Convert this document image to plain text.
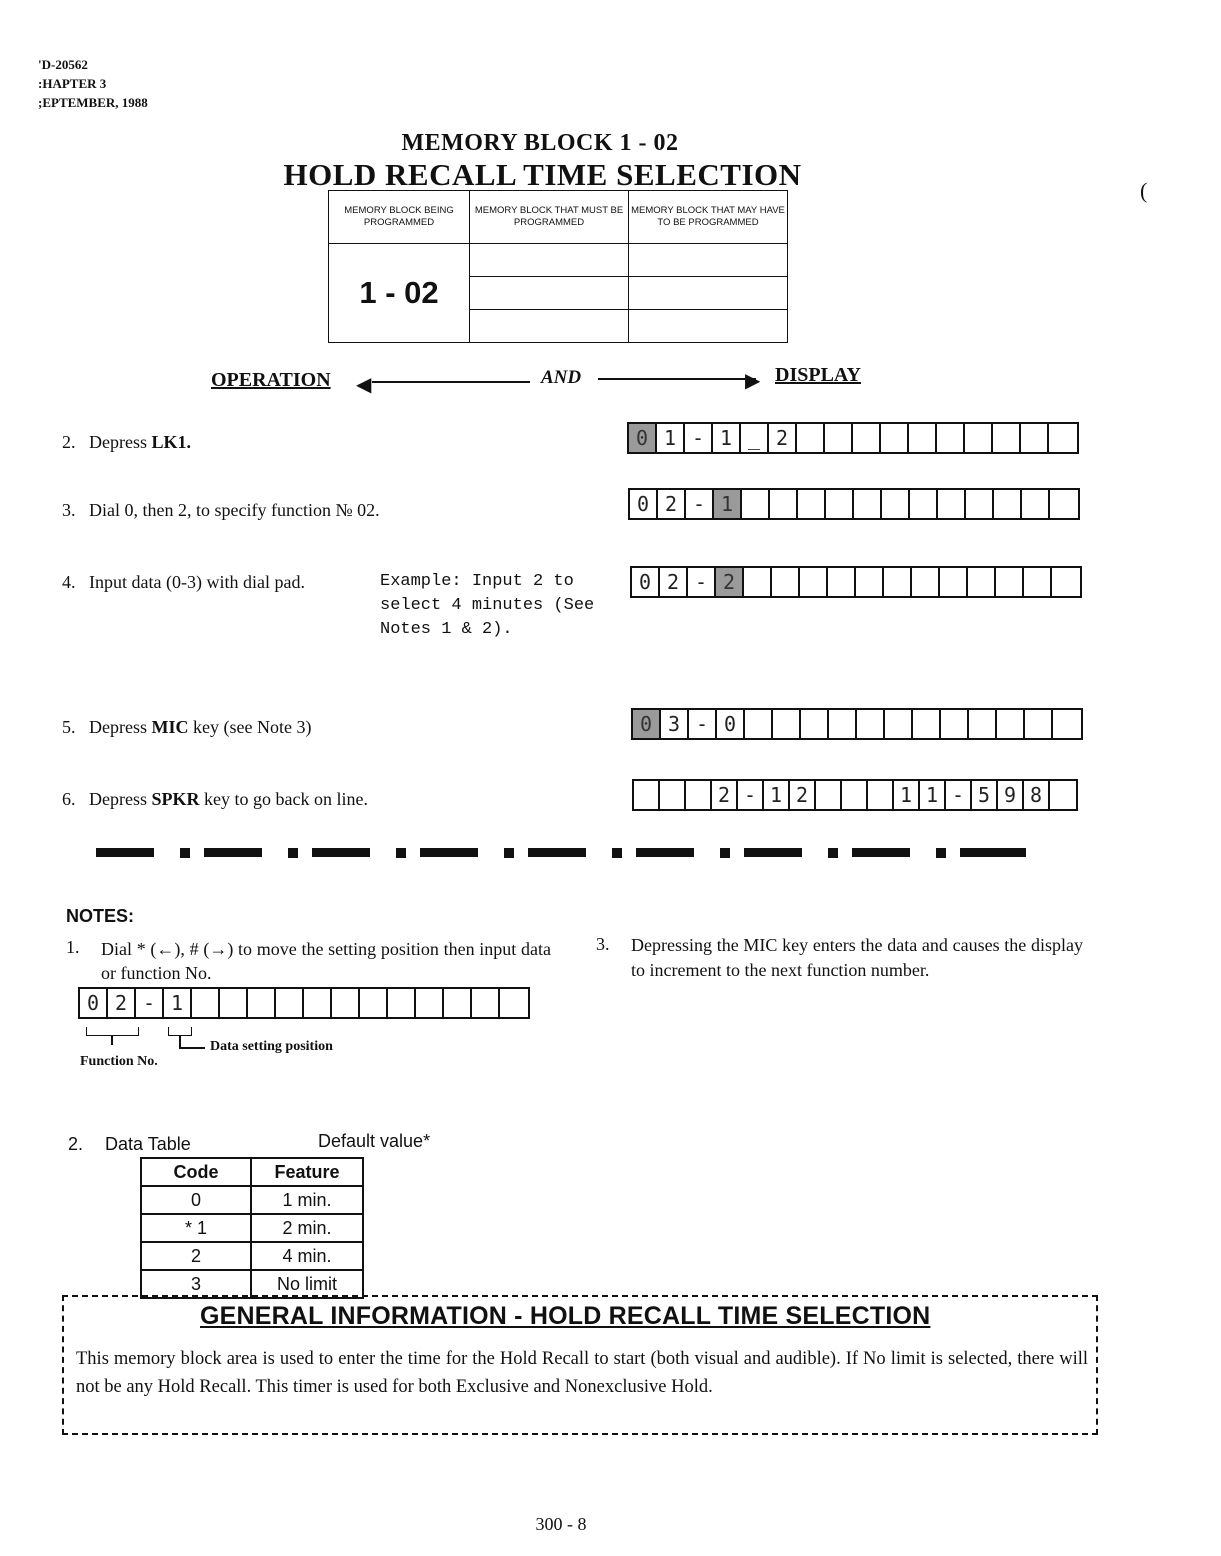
'D-20562
:HAPTER 3
;EPTEMBER, 1988
(
MEMORY BLOCK 1 - 02
HOLD RECALL TIME SELECTION
MEMORY BLOCK BEING PROGRAMMED	MEMORY BLOCK THAT MUST BE PROGRAMMED	MEMORY BLOCK THAT MAY HAVE TO BE PROGRAMMED
1 - 02		

OPERATION ◀	AND	▶ DISPLAY
2. Depress LK1.
3. Dial 0, then 2, to specify function № 02.
4. Input data (0-3) with dial pad.	Example: Input 2 to select 4 minutes (See Notes 1 & 2).
5. Depress MIC key (see Note 3)
6. Depress SPKR key to go back on line.
0 1 - 1 _ 2
0 2 - 1
0 2 - 2
0 3 - 0
2 - 1 2	1 1 - 5 9 8
NOTES:
1. Dial * (←), # (→) to move the setting position then input data or function No.
0 2 - 1
Data setting position
Function No.
3. Depressing the MIC key enters the data and causes the display to increment to the next function number.
2. Data Table	Default value*
Code	Feature
0	1 min.
* 1	2 min.
2	4 min.
3	No limit
GENERAL INFORMATION - HOLD RECALL TIME SELECTION
This memory block area is used to enter the time for the Hold Recall to start (both visual and audible). If No limit is selected, there will not be any Hold Recall. This timer is used for both Exclusive and Nonexclusive Hold.
300 - 8
